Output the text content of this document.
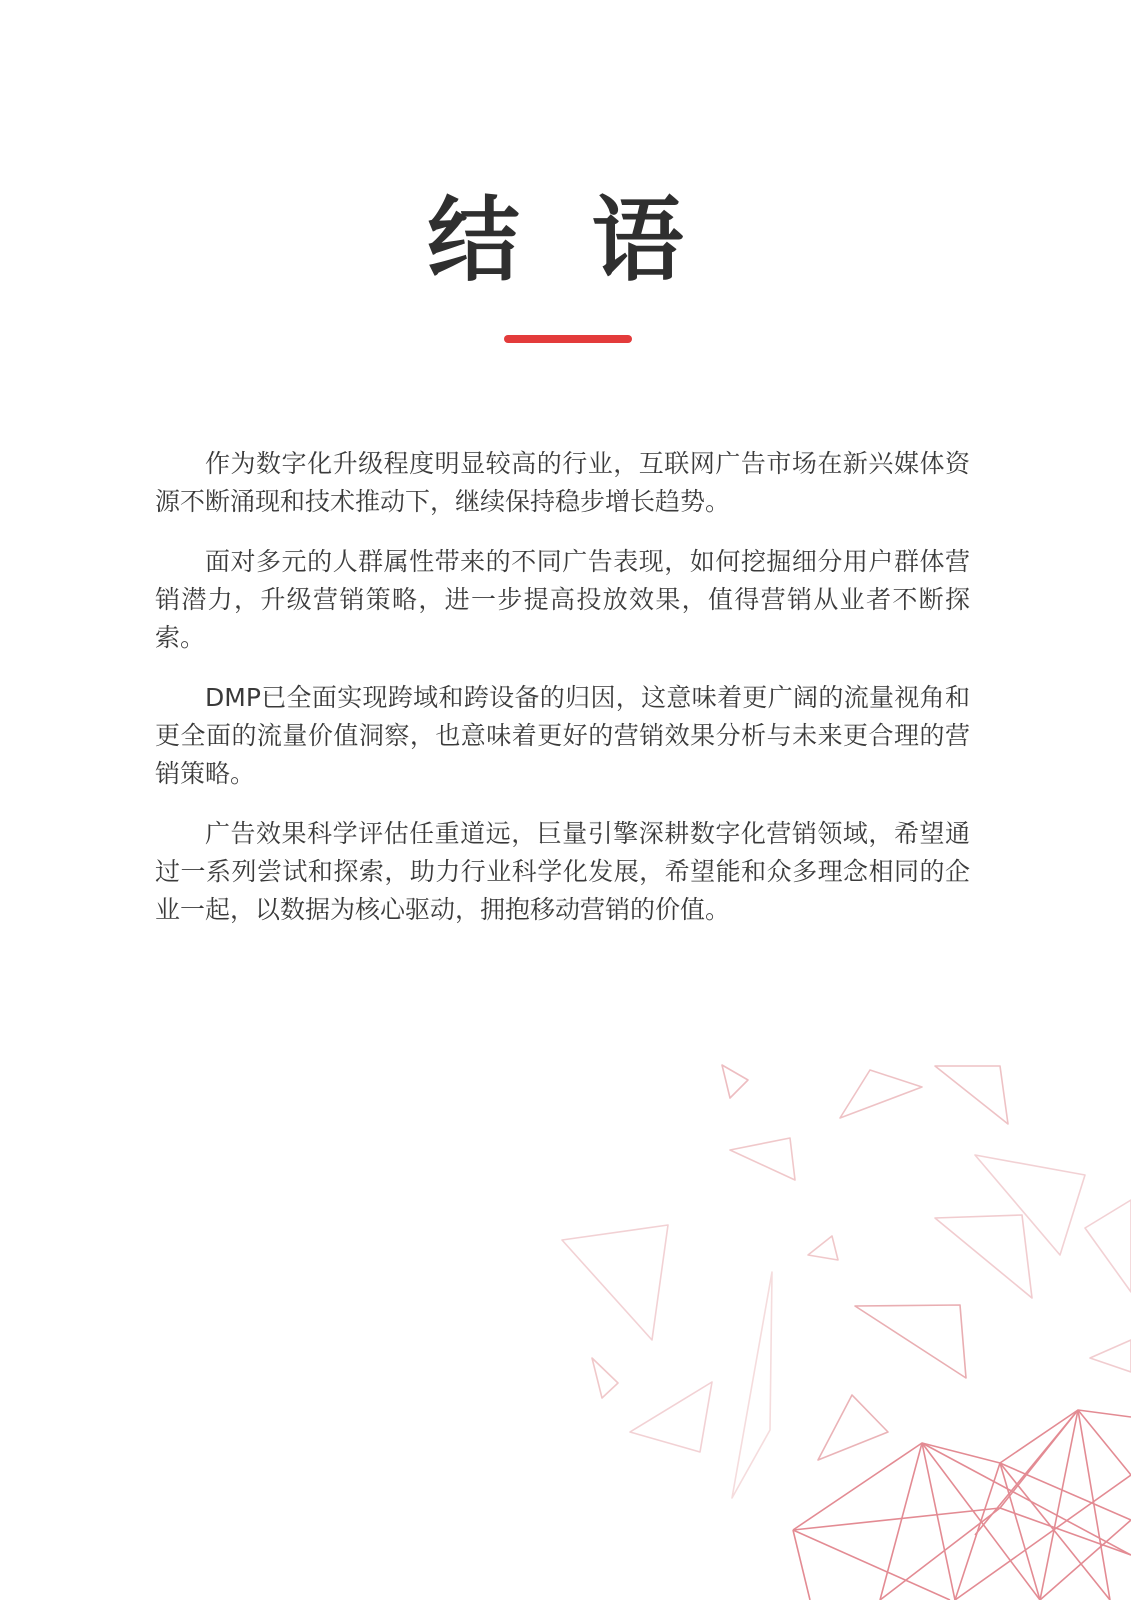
结 语

作为数字化升级程度明显较高的行业，互联网广告市场在新兴媒体资源不断涌现和技术推动下，继续保持稳步增长趋势。

面对多元的人群属性带来的不同广告表现，如何挖掘细分用户群体营销潜力，升级营销策略，进一步提高投放效果，值得营销从业者不断探索。

DMP已全面实现跨域和跨设备的归因，这意味着更广阔的流量视角和更全面的流量价值洞察，也意味着更好的营销效果分析与未来更合理的营销策略。

广告效果科学评估任重道远，巨量引擎深耕数字化营销领域，希望通过一系列尝试和探索，助力行业科学化发展，希望能和众多理念相同的企业一起，以数据为核心驱动，拥抱移动营销的价值。
